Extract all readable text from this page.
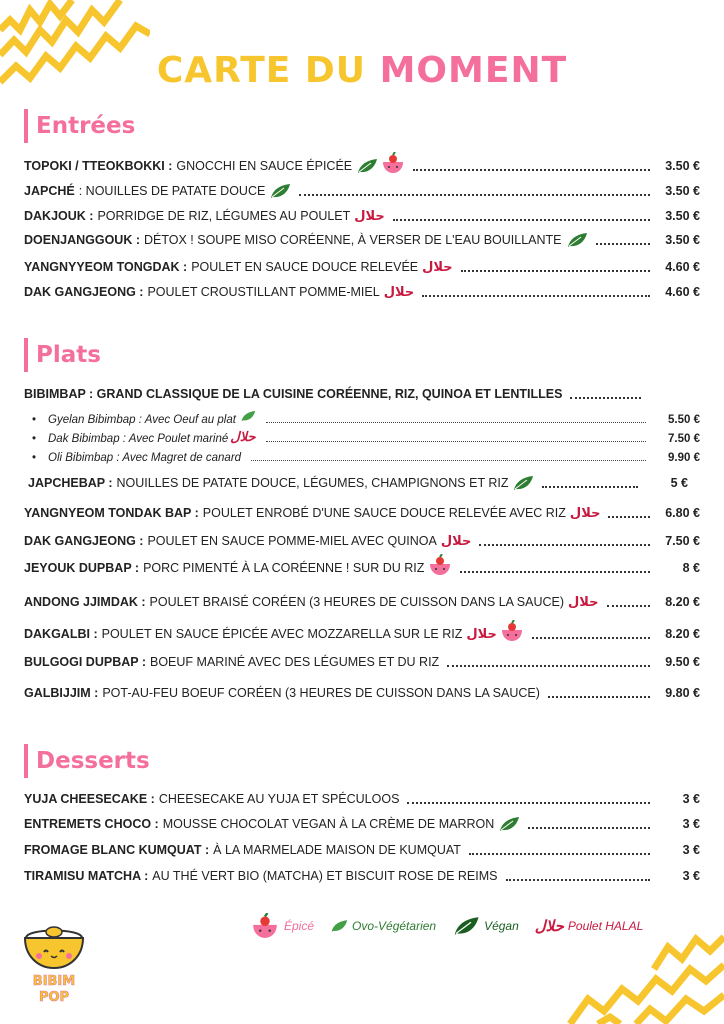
CARTE DU MOMENT
Entrées
TOPOKI / TTEOKBOKKI : GNOCCHI EN SAUCE ÉPICÉE	3.50 €
JAPCHÉ : NOUILLES DE PATATE DOUCE	3.50 €
DAKJOUK : PORRIDGE DE RIZ, LÉGUMES AU POULET حلال	3.50 €
DOENJANGGOUK : DÉTOX ! SOUPE MISO CORÉENNE, À VERSER DE L'EAU BOUILLANTE	3.50 €
YANGNYYEOM TONGDAK : POULET EN SAUCE DOUCE RELEVÉE حلال	4.60 €
DAK GANGJEONG : POULET CROUSTILLANT POMME-MIEL حلال	4.60 €
Plats
BIBIMBAP : GRAND CLASSIQUE DE LA CUISINE CORÉENNE, RIZ, QUINOA ET LENTILLES
•	Gyelan Bibimbap : Avec Oeuf au plat	5.50 €
•	Dak Bibimbap : Avec Poulet mariné حلال	7.50 €
•	Oli Bibimbap : Avec Magret de canard	9.90 €
JAPCHEBAP : NOUILLES DE PATATE DOUCE, LÉGUMES, CHAMPIGNONS ET RIZ	5 €
YANGNYEOM TONDAK BAP : POULET ENROBÉ D'UNE SAUCE DOUCE RELEVÉE AVEC RIZ حلال	6.80 €
DAK GANGJEONG : POULET EN SAUCE POMME-MIEL AVEC QUINOA حلال	7.50 €
JEYOUK DUPBAP : PORC PIMENTÉ À LA CORÉENNE ! SUR DU RIZ	8 €
ANDONG JJIMDAK : POULET BRAISÉ CORÉEN (3 HEURES DE CUISSON DANS LA SAUCE) حلال	8.20 €
DAKGALBI : POULET EN SAUCE ÉPICÉE AVEC MOZZARELLA SUR LE RIZ حلال	8.20 €
BULGOGI DUPBAP : BOEUF MARINÉ AVEC DES LÉGUMES ET DU RIZ	9.50 €
GALBIJJIM : POT-AU-FEU BOEUF CORÉEN (3 HEURES DE CUISSON DANS LA SAUCE)	9.80 €
Desserts
YUJA CHEESECAKE : CHEESECAKE AU YUJA ET SPÉCULOOS	3 €
ENTREMETS CHOCO : MOUSSE CHOCOLAT VEGAN À LA CRÈME DE MARRON	3 €
FROMAGE BLANC KUMQUAT : À LA MARMELADE MAISON DE KUMQUAT	3 €
TIRAMISU MATCHA : AU THÉ VERT BIO (MATCHA) ET BISCUIT ROSE DE REIMS	3 €
Épicé	Ovo-Végétarien	Végan حلال Poulet HALAL
BIBIM
POP
